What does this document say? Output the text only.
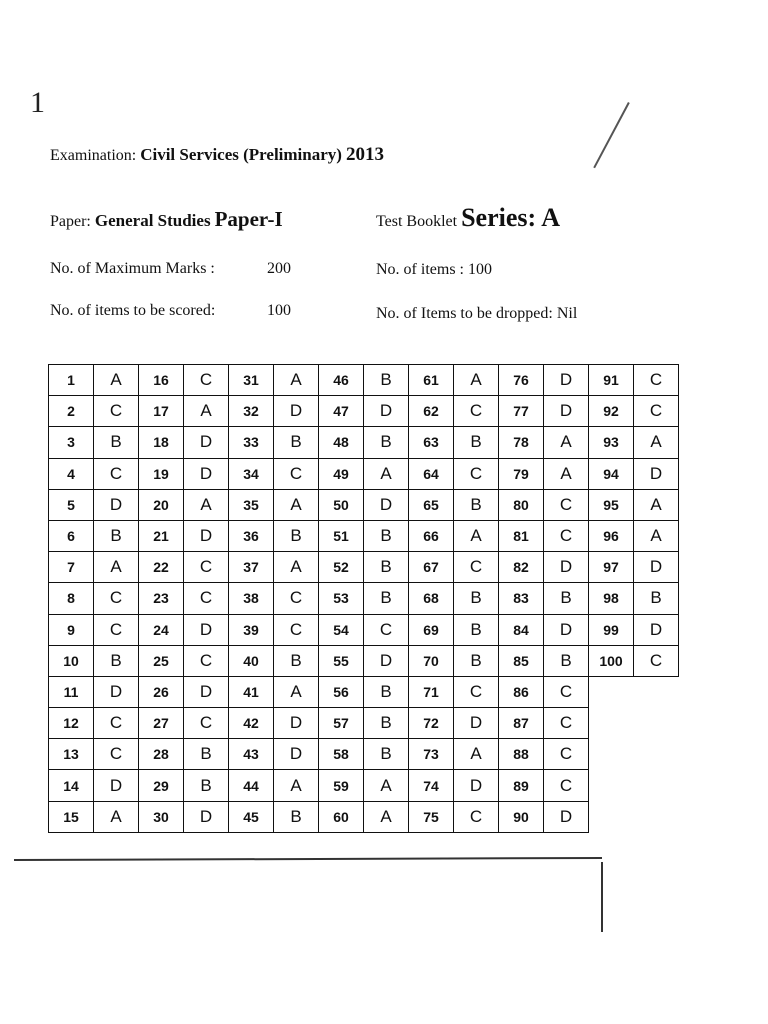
1
Examination: Civil Services (Preliminary) 2013
Paper: General Studies Paper-I	Test Booklet Series: A
No. of Maximum Marks :	200	No. of items : 100
No. of items to be scored:	100	No. of Items to be dropped: Nil
1	A	16	C	31	A	46	B	61	A	76	D	91	C
2	C	17	A	32	D	47	D	62	C	77	D	92	C
3	B	18	D	33	B	48	B	63	B	78	A	93	A
4	C	19	D	34	C	49	A	64	C	79	A	94	D
5	D	20	A	35	A	50	D	65	B	80	C	95	A
6	B	21	D	36	B	51	B	66	A	81	C	96	A
7	A	22	C	37	A	52	B	67	C	82	D	97	D
8	C	23	C	38	C	53	B	68	B	83	B	98	B
9	C	24	D	39	C	54	C	69	B	84	D	99	D
10	B	25	C	40	B	55	D	70	B	85	B	100	C
11	D	26	D	41	A	56	B	71	C	86	C		
12	C	27	C	42	D	57	B	72	D	87	C		
13	C	28	B	43	D	58	B	73	A	88	C		
14	D	29	B	44	A	59	A	74	D	89	C		
15	A	30	D	45	B	60	A	75	C	90	D		
